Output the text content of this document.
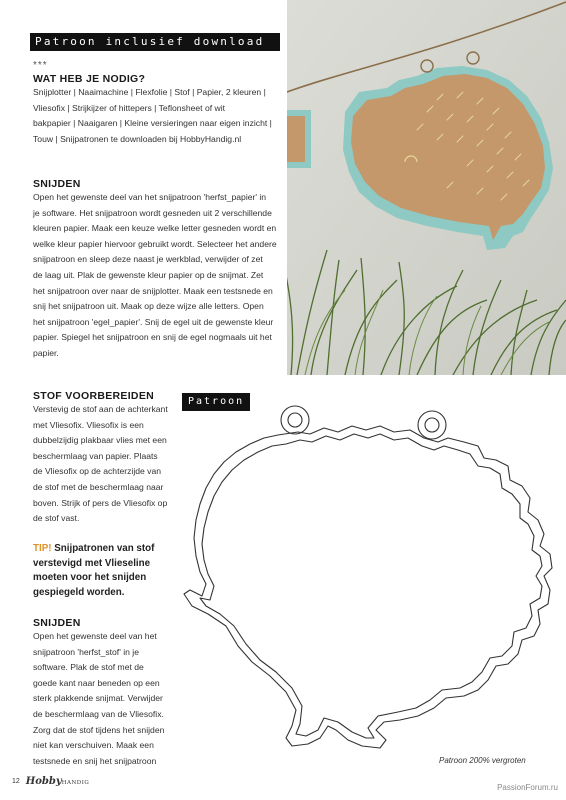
Patroon inclusief download
***
WAT HEB JE NODIG?
Snijplotter | Naaimachine | Flexfolie | Stof | Papier, 2 kleuren |
Vliesofix | Strijkijzer of hittepers | Teflonsheet of wit
bakpapier | Naaigaren | Kleine versieringen naar eigen inzicht |
Touw | Snijpatronen te downloaden bij HobbyHandig.nl
SNIJDEN
Open het gewenste deel van het snijpatroon 'herfst_papier' in
je software. Het snijpatroon wordt gesneden uit 2 verschillende
kleuren papier. Maak een keuze welke letter gesneden wordt en
welke kleur papier hiervoor gebruikt wordt. Selecteer het andere
snijpatroon en sleep deze naast je werkblad, verwijder of zet
de laag uit. Plak de gewenste kleur papier op de snijmat. Zet
het snijpatroon over naar de snijplotter. Maak een testsnede en
snij het snijpatroon uit. Maak op deze wijze alle letters. Open
het snijpatroon 'egel_papier'. Snij de egel uit de gewenste kleur
papier. Spiegel het snijpatroon en snij de egel nogmaals uit het
papier.
STOF VOORBEREIDEN
Verstevig de stof aan de achterkant
met Vliesofix. Vliesofix is een
dubbelzijdig plakbaar vlies met een
beschermlaag van papier. Plaats
de Vliesofix op de achterzijde van
de stof met de beschermlaag naar
boven. Strijk of pers de Vliesofix op
de stof vast.
TIP! Snijpatronen van stof
verstevigd met Vlieseline
moeten voor het snijden
gespiegeld worden.
SNIJDEN
Open het gewenste deel van het
snijpatroon 'herfst_stof' in je
software. Plak de stof met de
goede kant naar beneden op een
sterk plakkende snijmat. Verwijder
de beschermlaag van de Vliesofix.
Zorg dat de stof tijdens het snijden
niet kan verschuiven. Maak een
testsnede en snij het snijpatroon
Patroon
Patroon 200% vergroten
12 HobbyHANDIG	PassionForum.ru
